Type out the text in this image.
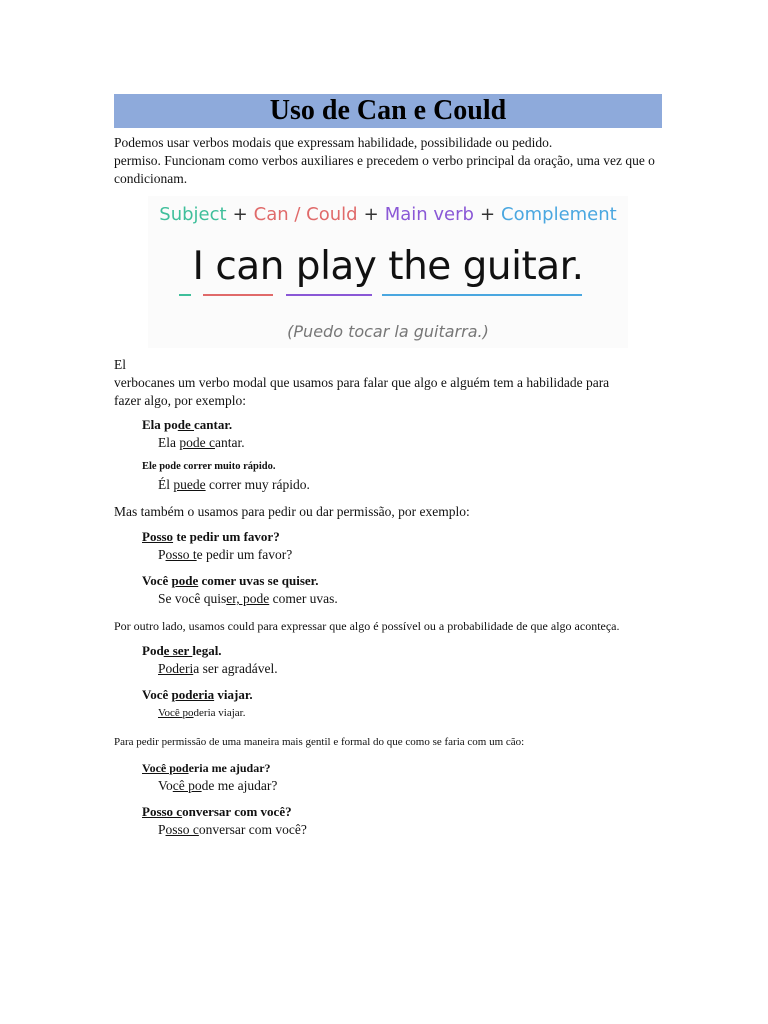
Uso de Can e Could

Podemos usar verbos modais que expressam habilidade, possibilidade ou pedido.

permiso. Funcionam como verbos auxiliares e precedem o verbo principal da oração, uma vez que o

condicionam.

Subject + Can / Could + Main verb + Complement
I can play the guitar.
(Puedo tocar la guitarra.)

El

verbocanes um verbo modal que usamos para falar que algo e alguém tem a habilidade para

fazer algo, por exemplo:

Ela pode cantar.
Ela pode cantar.
Ele pode correr muito rápido.
Él puede correr muy rápido.

Mas também o usamos para pedir ou dar permissão, por exemplo:

Posso te pedir um favor?
Posso te pedir um favor?
Você pode comer uvas se quiser.
Se você quiser, pode comer uvas.

Por outro lado, usamos could para expressar que algo é possível ou a probabilidade de que algo aconteça.

Pode ser legal.
Poderia ser agradável.
Você poderia viajar.
Você poderia viajar.

Para pedir permissão de uma maneira mais gentil e formal do que como se faria com um cão:

Você poderia me ajudar?
Você pode me ajudar?
Posso conversar com você?
Posso conversar com você?
